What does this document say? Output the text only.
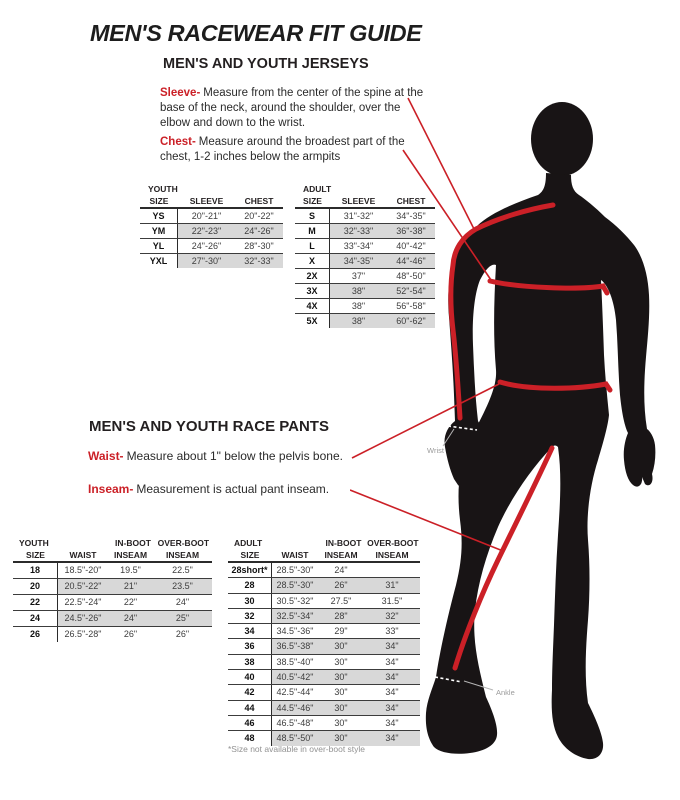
MEN'S RACEWEAR FIT GUIDE
MEN'S AND YOUTH JERSEYS
Sleeve- Measure from the center of the spine at the base of the neck, around the shoulder, over the elbow and down to the wrist.
Chest- Measure around the broadest part of the chest, 1-2 inches below the armpits
YOUTH
SIZE	SLEEVE	CHEST
YS	20"-21"	20"-22"
YM	22"-23"	24"-26"
YL	24"-26"	28"-30"
YXL	27"-30"	32"-33"
ADULT
SIZE	SLEEVE	CHEST
S	31"-32"	34"-35"
M	32"-33"	36"-38"
L	33"-34"	40"-42"
X	34"-35"	44"-46"
2X	37"	48"-50"
3X	38"	52"-54"
4X	38"	56"-58"
5X	38"	60"-62"
MEN'S AND YOUTH RACE PANTS
Waist- Measure about 1" below the pelvis bone.
Inseam- Measurement is actual pant inseam.
YOUTH	IN-BOOT OVER-BOOT
SIZE	WAIST	INSEAM	INSEAM
18	18.5"-20"	19.5"	22.5"
20	20.5"-22"	21"	23.5"
22	22.5"-24"	22"	24"
24	24.5"-26"	24"	25"
26	26.5"-28"	26"	26"
ADULT	IN-BOOT OVER-BOOT
SIZE	WAIST	INSEAM	INSEAM
28short*	28.5"-30"	24"
28	28.5"-30"	26"	31"
30	30.5"-32"	27.5"	31.5"
32	32.5"-34"	28"	32"
34	34.5"-36"	29"	33"
36	36.5"-38"	30"	34"
38	38.5"-40"	30"	34"
40	40.5"-42"	30"	34"
42	42.5"-44"	30"	34"
44	44.5"-46"	30"	34"
46	46.5"-48"	30"	34"
48	48.5"-50"	30"	34"
*Size not available in over-boot style
Wrist
Ankle
